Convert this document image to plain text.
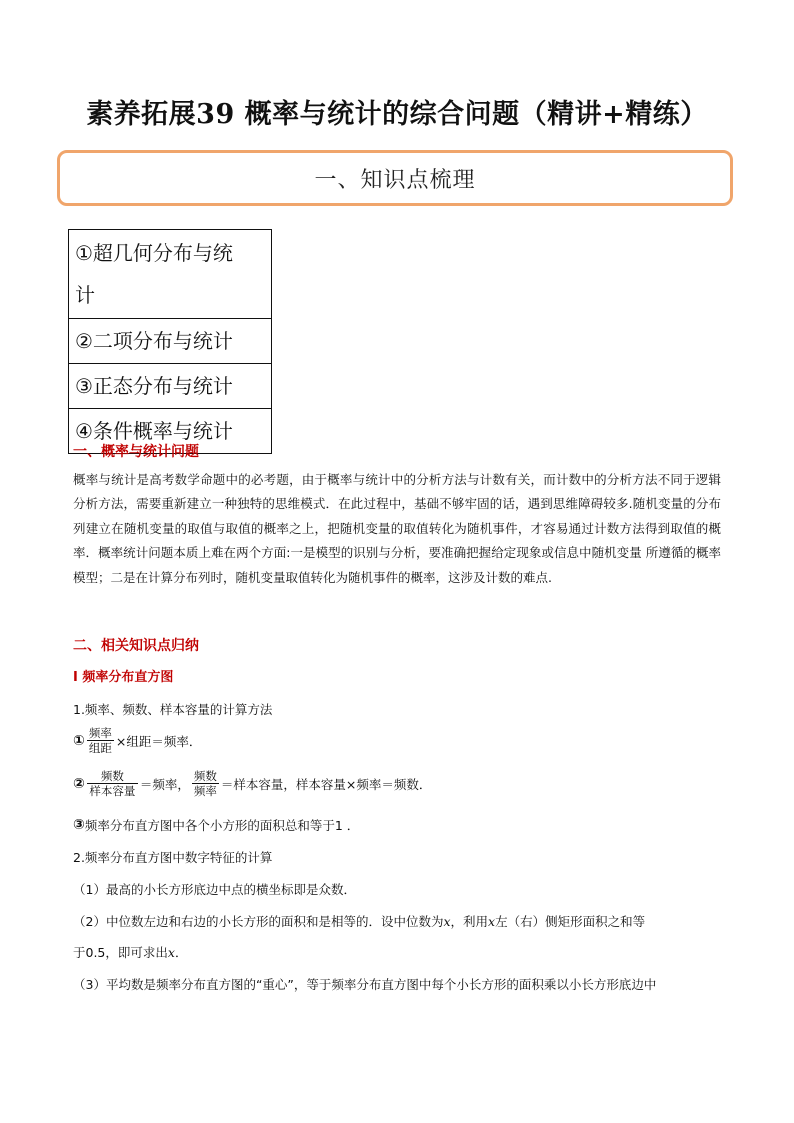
素养拓展39 概率与统计的综合问题（精讲+精练）
一、知识点梳理
①超几何分布与统
计
②二项分布与统计
③正态分布与统计
④条件概率与统计
一、概率与统计问题

概率与统计是高考数学命题中的必考题，由于概率与统计中的分析方法与计数有关，而计数中的分析方法不同于逻辑分析方法，需要重新建立一种独特的思维模式．在此过程中，基础不够牢固的话，遇到思维障碍较多.随机变量的分布列建立在随机变量的取值与取值的概率之上，把随机变量的取值转化为随机事件，才容易通过计数方法得到取值的概率．概率统计问题本质上难在两个方面:一是模型的识别与分析，要准确把握给定现象或信息中随机变量 所遵循的概率模型；二是在计算分布列时，随机变量取值转化为随机事件的概率，这涉及计数的难点.

二、相关知识点归纳
Ⅰ 频率分布直方图
1.频率、频数、样本容量的计算方法
① $\frac{\text{频率}}{\text{组距}}$ ×组距＝频率．
② $\frac{\text{频数}}{\text{样本容量}}$ ＝频率， $\frac{\text{频数}}{\text{频率}}$ ＝样本容量，样本容量×频率＝频数．
③ 频率分布直方图中各个小方形的面积总和等于1 ．
2.频率分布直方图中数字特征的计算
（1）最高的小长方形底边中点的横坐标即是众数．
（2）中位数左边和右边的小长方形的面积和是相等的．设中位数为x，利用x左（右）侧矩形面积之和等
于0.5，即可求出x．
（3）平均数是频率分布直方图的“重心”，等于频率分布直方图中每个小长方形的面积乘以小长方形底边中
